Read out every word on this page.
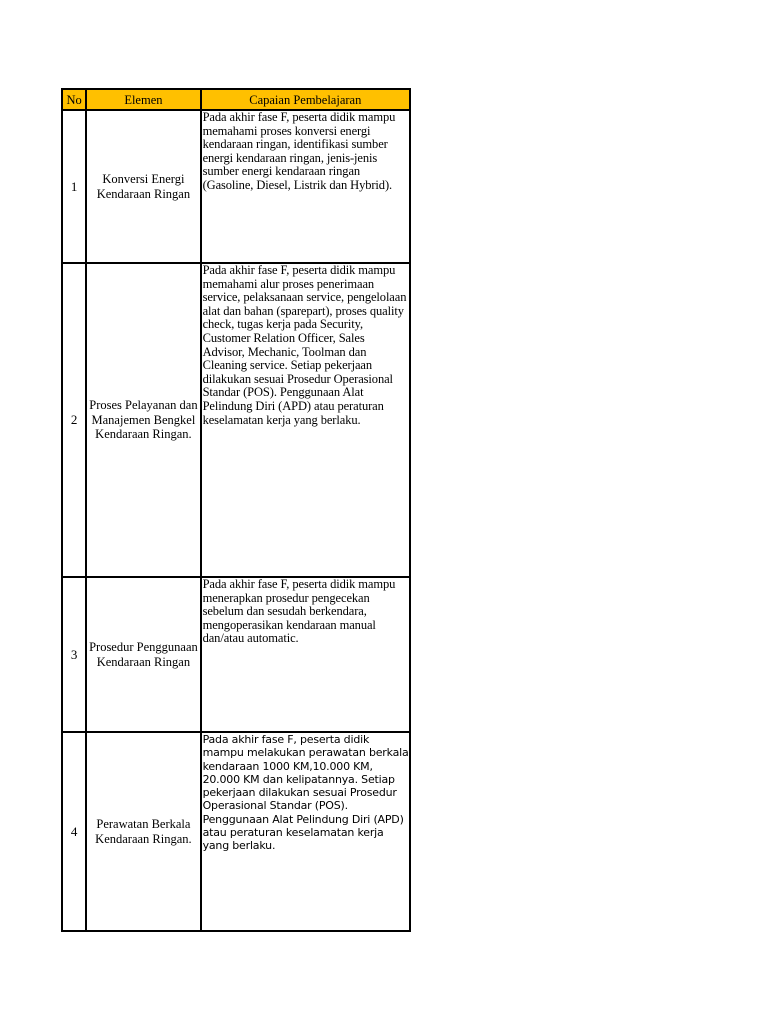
No	Elemen	Capaian Pembelajaran
1	Konversi Energi Kendaraan Ringan	Pada akhir fase F, peserta didik mampu memahami proses konversi energi kendaraan ringan, identifikasi sumber energi kendaraan ringan, jenis-jenis sumber energi kendaraan ringan (Gasoline, Diesel, Listrik dan Hybrid).
2	Proses Pelayanan dan Manajemen Bengkel Kendaraan Ringan.	Pada akhir fase F, peserta didik mampu memahami alur proses penerimaan service, pelaksanaan service, pengelolaan alat dan bahan (sparepart), proses quality check, tugas kerja pada Security, Customer Relation Officer, Sales Advisor, Mechanic, Toolman dan Cleaning service. Setiap pekerjaan dilakukan sesuai Prosedur Operasional Standar (POS). Penggunaan Alat Pelindung Diri (APD) atau peraturan keselamatan kerja yang berlaku.
3	Prosedur Penggunaan Kendaraan Ringan	Pada akhir fase F, peserta didik mampu menerapkan prosedur pengecekan sebelum dan sesudah berkendara, mengoperasikan kendaraan manual dan/atau automatic.
4	Perawatan Berkala Kendaraan Ringan.	Pada akhir fase F, peserta didik mampu melakukan perawatan berkala kendaraan 1000 KM,10.000 KM, 20.000 KM dan kelipatannya. Setiap pekerjaan dilakukan sesuai Prosedur Operasional Standar (POS). Penggunaan Alat Pelindung Diri (APD) atau peraturan keselamatan kerja yang berlaku.
